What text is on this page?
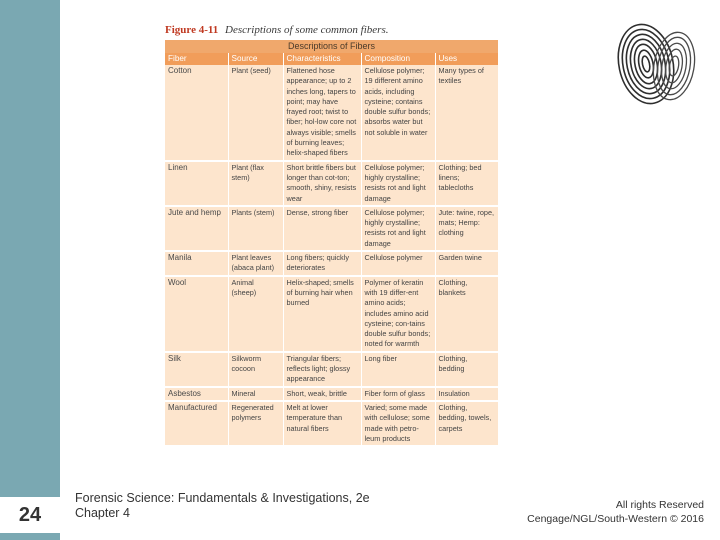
24
Figure 4-11 Descriptions of some common fibers.
Descriptions of Fibers				
Fiber	Source	Characteristics	Composition	Uses
Cotton	Plant (seed)	Flattened hose appearance; up to 2 inches long, tapers to point; may have frayed root; twist to fiber; hol-low core not always visible; smells of burning leaves; helix-shaped fibers	Cellulose polymer; 19 different amino acids, including cysteine; contains double sulfur bonds; absorbs water but not soluble in water	Many types of textiles
Linen	Plant (flax stem)	Short brittle fibers but longer than cot-ton; smooth, shiny, resists wear	Cellulose polymer; highly crystalline; resists rot and light damage	Clothing; bed linens; tablecloths
Jute and hemp	Plants (stem)	Dense, strong fiber	Cellulose polymer; highly crystalline; resists rot and light damage	Jute: twine, rope, mats; Hemp: clothing
Manila	Plant leaves (abaca plant)	Long fibers; quickly deteriorates	Cellulose polymer	Garden twine
Wool	Animal (sheep)	Helix-shaped; smells of burning hair when burned	Polymer of keratin with 19 differ-ent amino acids; includes amino acid cysteine; con-tains double sulfur bonds; noted for warmth	Clothing, blankets
Silk	Silkworm cocoon	Triangular fibers; reflects light; glossy appearance	Long fiber	Clothing, bedding
Asbestos	Mineral	Short, weak, brittle	Fiber form of glass	Insulation
Manufactured	Regenerated polymers	Melt at lower temperature than natural fibers	Varied; some made with cellulose; some made with petro-leum products	Clothing, bedding, towels, carpets
Forensic Science: Fundamentals & Investigations, 2e
Chapter 4
All rights Reserved
Cengage/NGL/South-Western © 2016
